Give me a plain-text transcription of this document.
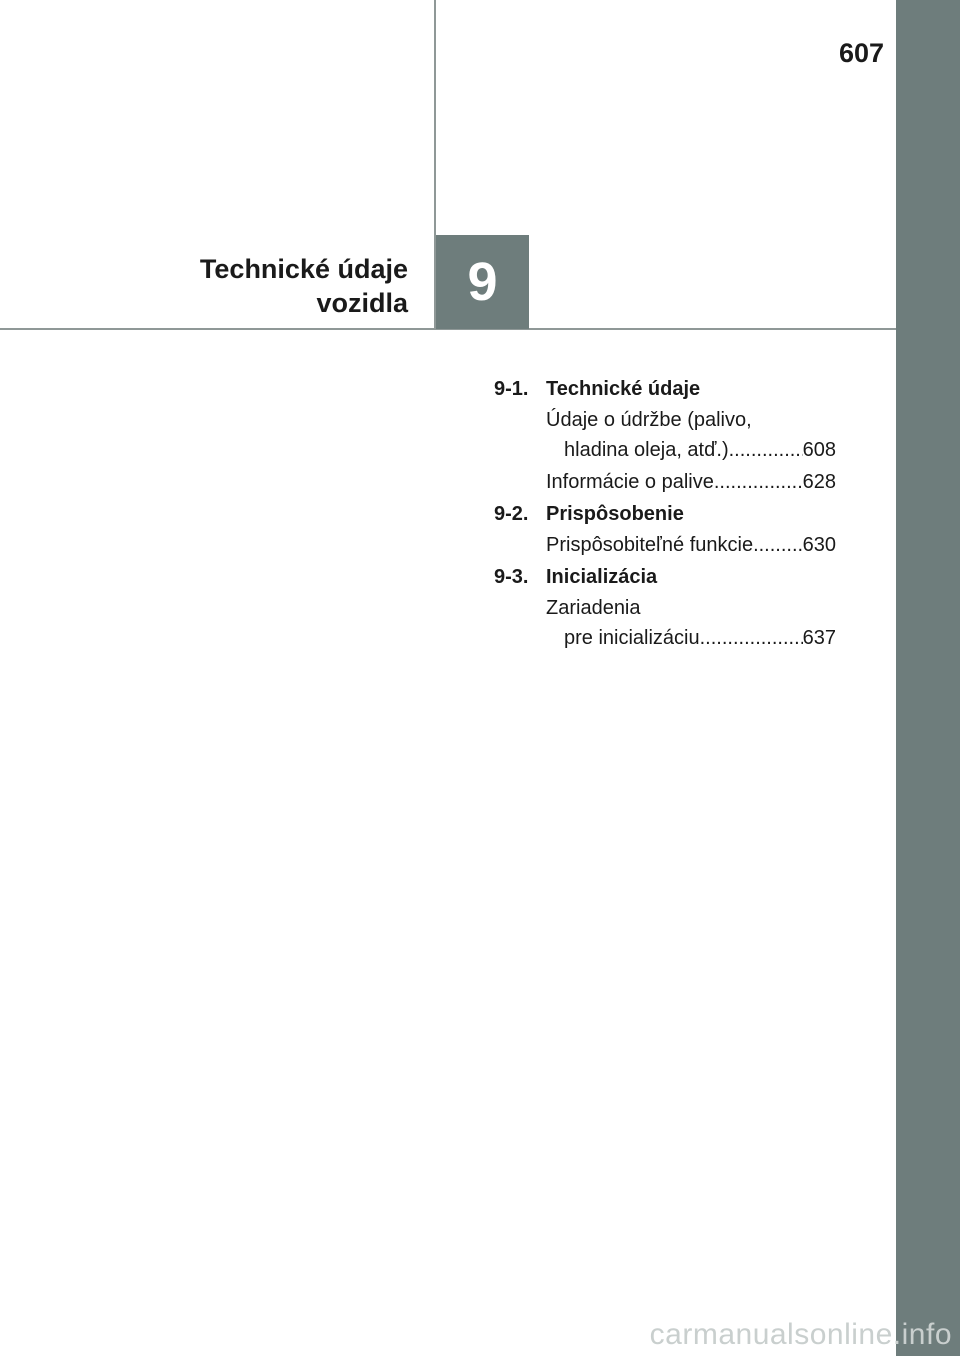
607
Technické údaje
vozidla	9
9-1. Technické údaje
Údaje o údržbe (palivo,
hladina oleja, atď.) .....	608
Informácie o palive .....	628
9-2. Prispôsobenie
Prispôsobiteľné funkcie ..... 630
9-3. Inicializácia
Zariadenia
pre inicializáciu .....	637
carmanualsonline.info
